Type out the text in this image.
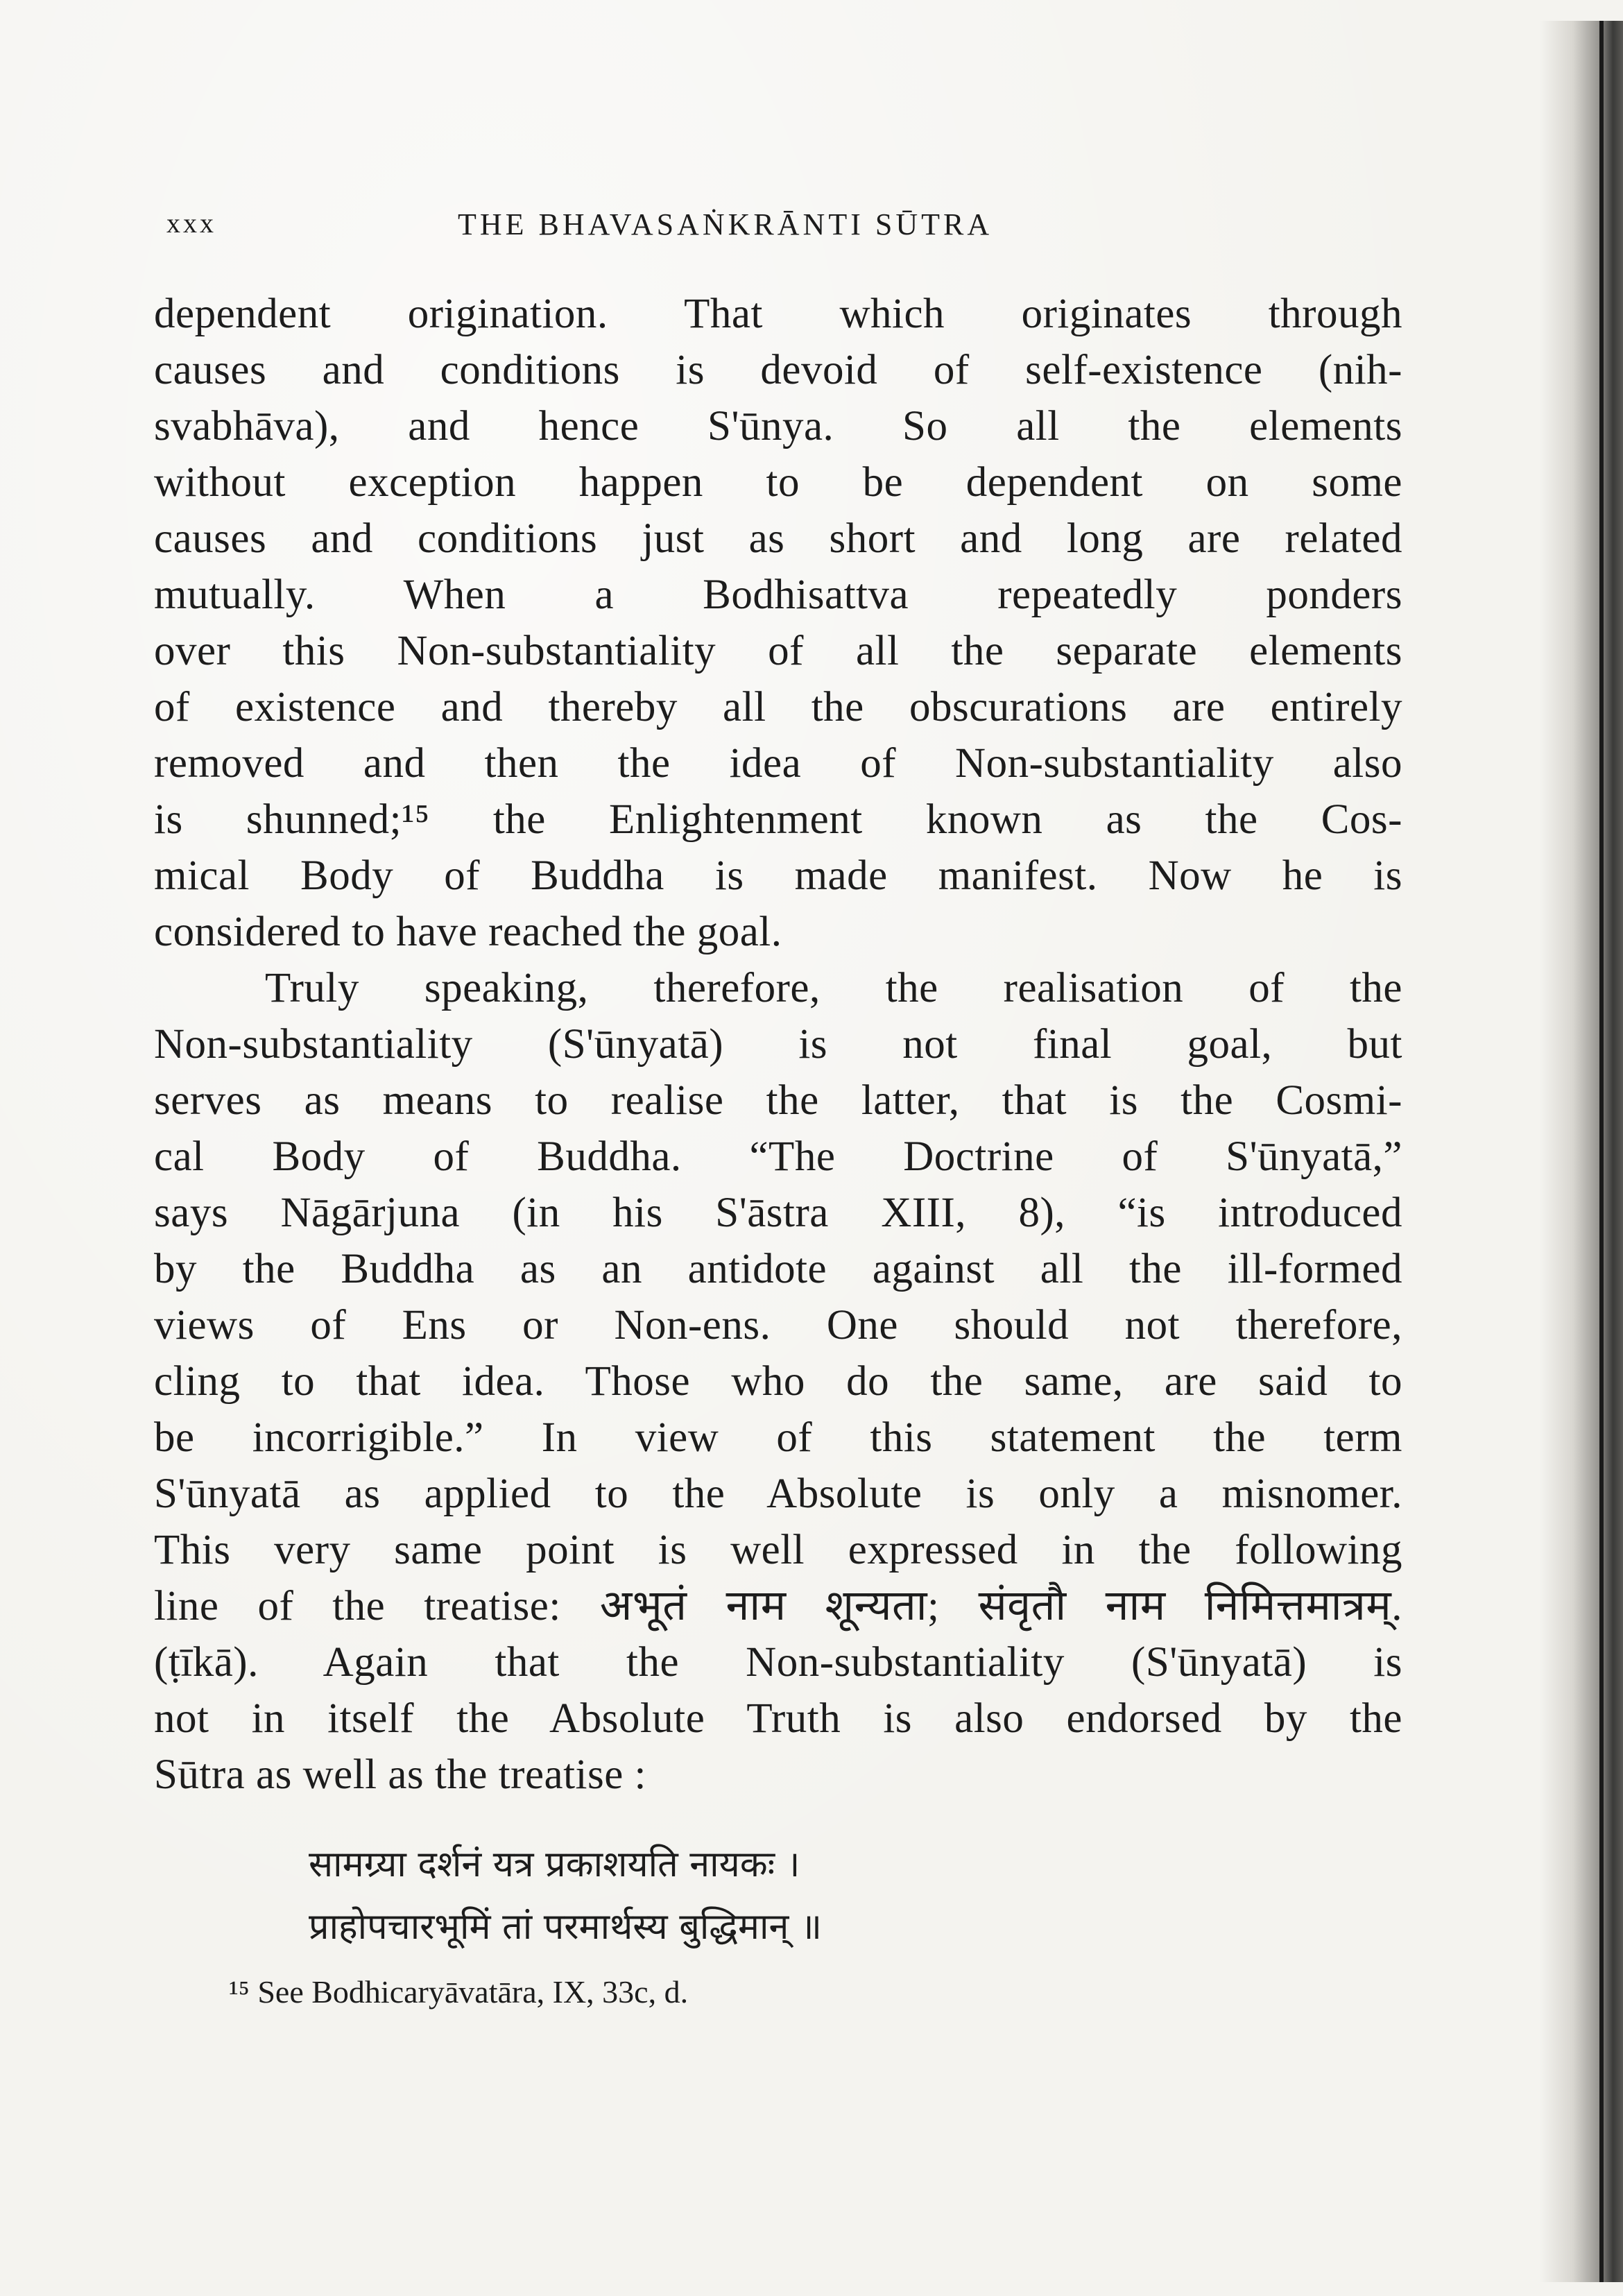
xxx	THE BHAVASAṄKRĀNTI SŪTRA
dependent origination. That which originates through
causes and conditions is devoid of self-existence (nih-
svabhāva), and hence S'ūnya. So all the elements
without exception happen to be dependent on some
causes and conditions just as short and long are related
mutually. When a Bodhisattva repeatedly ponders
over this Non-substantiality of all the separate elements
of existence and thereby all the obscurations are entirely
removed and then the idea of Non-substantiality also
is shunned;¹⁵ the Enlightenment known as the Cos-
mical Body of Buddha is made manifest. Now he is
considered to have reached the goal.
Truly speaking, therefore, the realisation of the
Non-substantiality (S'ūnyatā) is not final goal, but
serves as means to realise the latter, that is the Cosmi-
cal Body of Buddha. “The Doctrine of S'ūnyatā,”
says Nāgārjuna (in his S'āstra XIII, 8), “is introduced
by the Buddha as an antidote against all the ill-formed
views of Ens or Non-ens. One should not therefore,
cling to that idea. Those who do the same, are said to
be incorrigible.” In view of this statement the term
S'ūnyatā as applied to the Absolute is only a misnomer.
This very same point is well expressed in the following
line of the treatise: अभूतं नाम शून्यता; संवृतौ नाम निमित्तमात्रम्.
(ṭīkā). Again that the Non-substantiality (S'ūnyatā) is
not in itself the Absolute Truth is also endorsed by the
Sūtra as well as the treatise :
सामग्र्या दर्शनं यत्र प्रकाशयति नायकः ।
प्राहोपचारभूमिं तां परमार्थस्य बुद्धिमान् ॥
¹⁵ See Bodhicaryāvatāra, IX, 33c, d.
